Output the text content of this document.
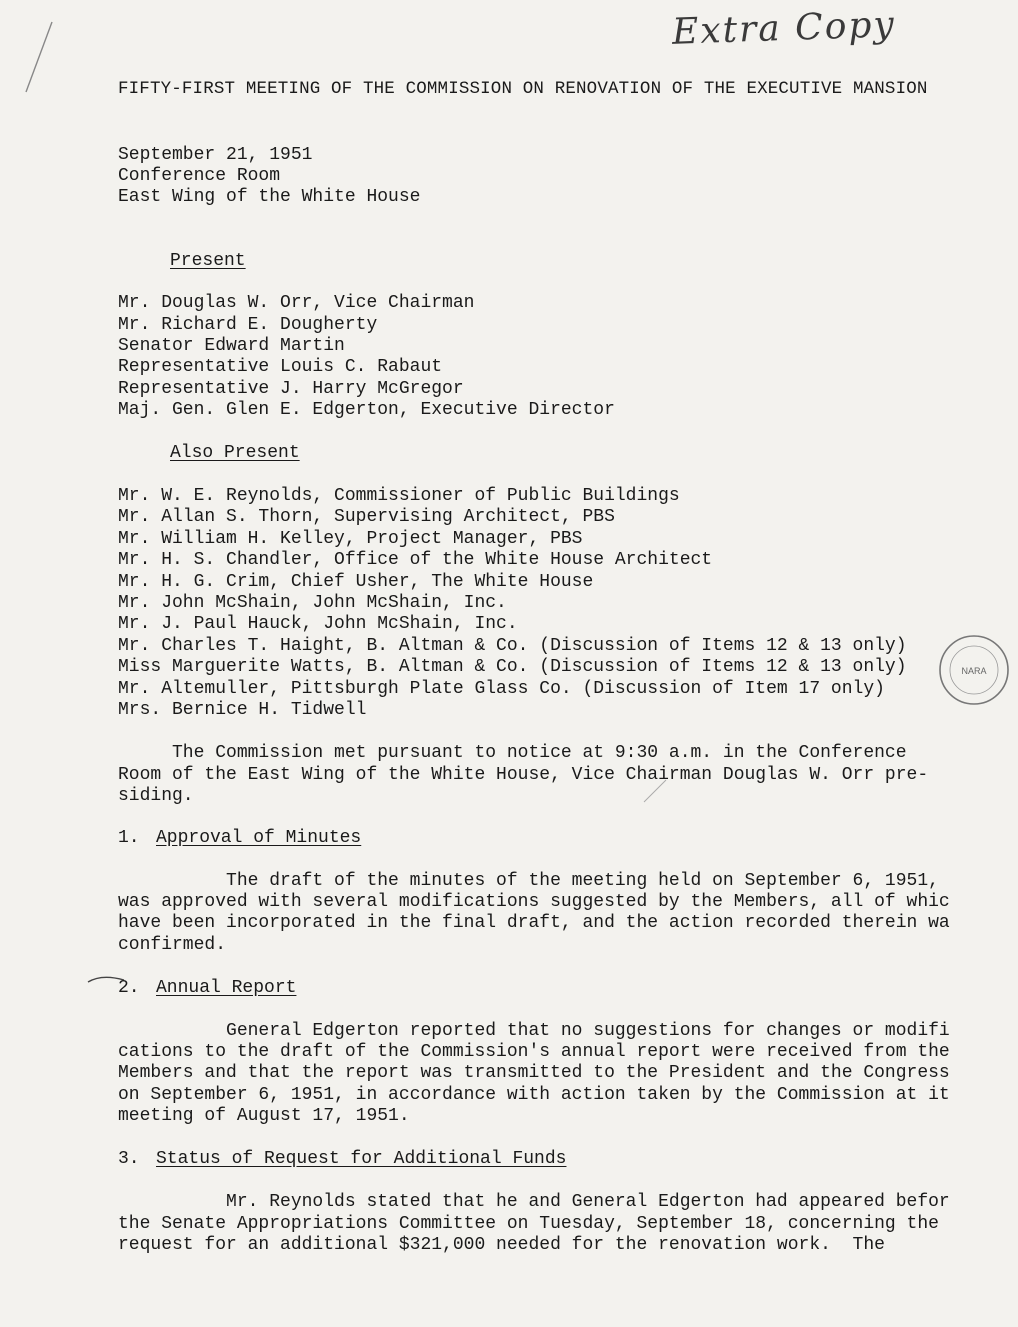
Extra Copy
NARA
FIFTY-FIRST MEETING OF THE COMMISSION ON RENOVATION OF THE EXECUTIVE MANSION
September 21, 1951
Conference Room
East Wing of the White House
Present
Mr. Douglas W. Orr, Vice Chairman
Mr. Richard E. Dougherty
Senator Edward Martin
Representative Louis C. Rabaut
Representative J. Harry McGregor
Maj. Gen. Glen E. Edgerton, Executive Director
Also Present
Mr. W. E. Reynolds, Commissioner of Public Buildings
Mr. Allan S. Thorn, Supervising Architect, PBS
Mr. William H. Kelley, Project Manager, PBS
Mr. H. S. Chandler, Office of the White House Architect
Mr. H. G. Crim, Chief Usher, The White House
Mr. John McShain, John McShain, Inc.
Mr. J. Paul Hauck, John McShain, Inc.
Mr. Charles T. Haight, B. Altman & Co. (Discussion of Items 12 & 13 only)
Miss Marguerite Watts, B. Altman & Co. (Discussion of Items 12 & 13 only)
Mr. Altemuller, Pittsburgh Plate Glass Co. (Discussion of Item 17 only)
Mrs. Bernice H. Tidwell
The Commission met pursuant to notice at 9:30 a.m. in the Conference
Room of the East Wing of the White House, Vice Chairman Douglas W. Orr pre-
siding.
1. Approval of Minutes
The draft of the minutes of the meeting held on September 6, 1951,
was approved with several modifications suggested by the Members, all of whic
have been incorporated in the final draft, and the action recorded therein wa
confirmed.
2. Annual Report
General Edgerton reported that no suggestions for changes or modifi
cations to the draft of the Commission's annual report were received from the
Members and that the report was transmitted to the President and the Congress
on September 6, 1951, in accordance with action taken by the Commission at it
meeting of August 17, 1951.
3. Status of Request for Additional Funds
Mr. Reynolds stated that he and General Edgerton had appeared befor
the Senate Appropriations Committee on Tuesday, September 18, concerning the
request for an additional $321,000 needed for the renovation work.  The
